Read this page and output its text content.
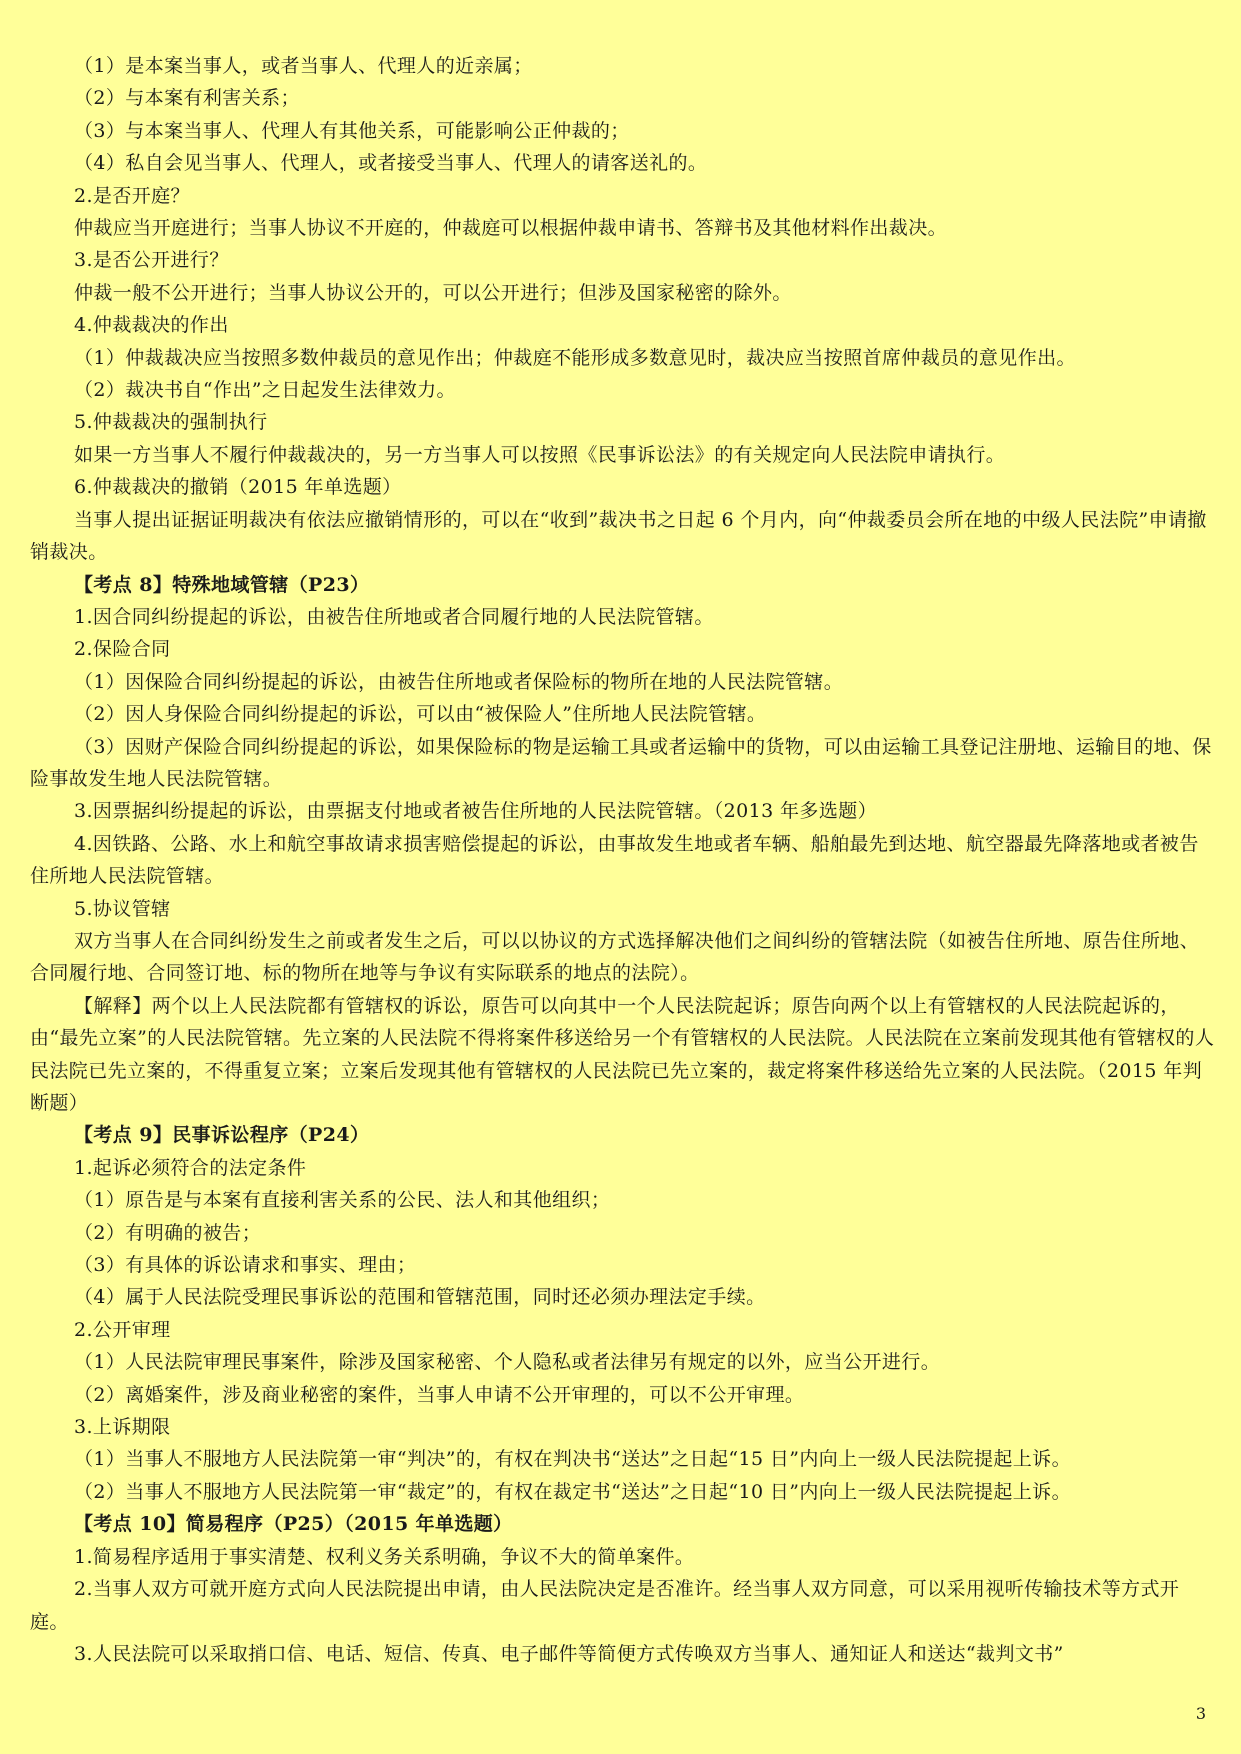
（1）是本案当事人，或者当事人、代理人的近亲属；
（2）与本案有利害关系；
（3）与本案当事人、代理人有其他关系，可能影响公正仲裁的；
（4）私自会见当事人、代理人，或者接受当事人、代理人的请客送礼的。
2.是否开庭？
仲裁应当开庭进行；当事人协议不开庭的，仲裁庭可以根据仲裁申请书、答辩书及其他材料作出裁决。
3.是否公开进行？
仲裁一般不公开进行；当事人协议公开的，可以公开进行；但涉及国家秘密的除外。
4.仲裁裁决的作出
（1）仲裁裁决应当按照多数仲裁员的意见作出；仲裁庭不能形成多数意见时，裁决应当按照首席仲裁员的意见作出。
（2）裁决书自“作出”之日起发生法律效力。
5.仲裁裁决的强制执行
如果一方当事人不履行仲裁裁决的，另一方当事人可以按照《民事诉讼法》的有关规定向人民法院申请执行。
6.仲裁裁决的撤销（2015 年单选题）
当事人提出证据证明裁决有依法应撤销情形的，可以在“收到”裁决书之日起 6 个月内，向“仲裁委员会所在地的中级人民法院”申请撤销裁决。
【考点 8】特殊地域管辖（P23）
1.因合同纠纷提起的诉讼，由被告住所地或者合同履行地的人民法院管辖。
2.保险合同
（1）因保险合同纠纷提起的诉讼，由被告住所地或者保险标的物所在地的人民法院管辖。
（2）因人身保险合同纠纷提起的诉讼，可以由“被保险人”住所地人民法院管辖。
（3）因财产保险合同纠纷提起的诉讼，如果保险标的物是运输工具或者运输中的货物，可以由运输工具登记注册地、运输目的地、保险事故发生地人民法院管辖。
3.因票据纠纷提起的诉讼，由票据支付地或者被告住所地的人民法院管辖。（2013 年多选题）
4.因铁路、公路、水上和航空事故请求损害赔偿提起的诉讼，由事故发生地或者车辆、船舶最先到达地、航空器最先降落地或者被告住所地人民法院管辖。
5.协议管辖
双方当事人在合同纠纷发生之前或者发生之后，可以以协议的方式选择解决他们之间纠纷的管辖法院（如被告住所地、原告住所地、合同履行地、合同签订地、标的物所在地等与争议有实际联系的地点的法院）。
【解释】两个以上人民法院都有管辖权的诉讼，原告可以向其中一个人民法院起诉；原告向两个以上有管辖权的人民法院起诉的，由“最先立案”的人民法院管辖。先立案的人民法院不得将案件移送给另一个有管辖权的人民法院。人民法院在立案前发现其他有管辖权的人民法院已先立案的，不得重复立案；立案后发现其他有管辖权的人民法院已先立案的，裁定将案件移送给先立案的人民法院。（2015 年判断题）
【考点 9】民事诉讼程序（P24）
1.起诉必须符合的法定条件
（1）原告是与本案有直接利害关系的公民、法人和其他组织；
（2）有明确的被告；
（3）有具体的诉讼请求和事实、理由；
（4）属于人民法院受理民事诉讼的范围和管辖范围，同时还必须办理法定手续。
2.公开审理
（1）人民法院审理民事案件，除涉及国家秘密、个人隐私或者法律另有规定的以外，应当公开进行。
（2）离婚案件，涉及商业秘密的案件，当事人申请不公开审理的，可以不公开审理。
3.上诉期限
（1）当事人不服地方人民法院第一审“判决”的，有权在判决书“送达”之日起“15 日”内向上一级人民法院提起上诉。
（2）当事人不服地方人民法院第一审“裁定”的，有权在裁定书“送达”之日起“10 日”内向上一级人民法院提起上诉。
【考点 10】简易程序（P25）（2015 年单选题）
1.简易程序适用于事实清楚、权利义务关系明确，争议不大的简单案件。
2.当事人双方可就开庭方式向人民法院提出申请，由人民法院决定是否准许。经当事人双方同意，可以采用视听传输技术等方式开庭。
3.人民法院可以采取捎口信、电话、短信、传真、电子邮件等简便方式传唤双方当事人、通知证人和送达“裁判文书”
3
